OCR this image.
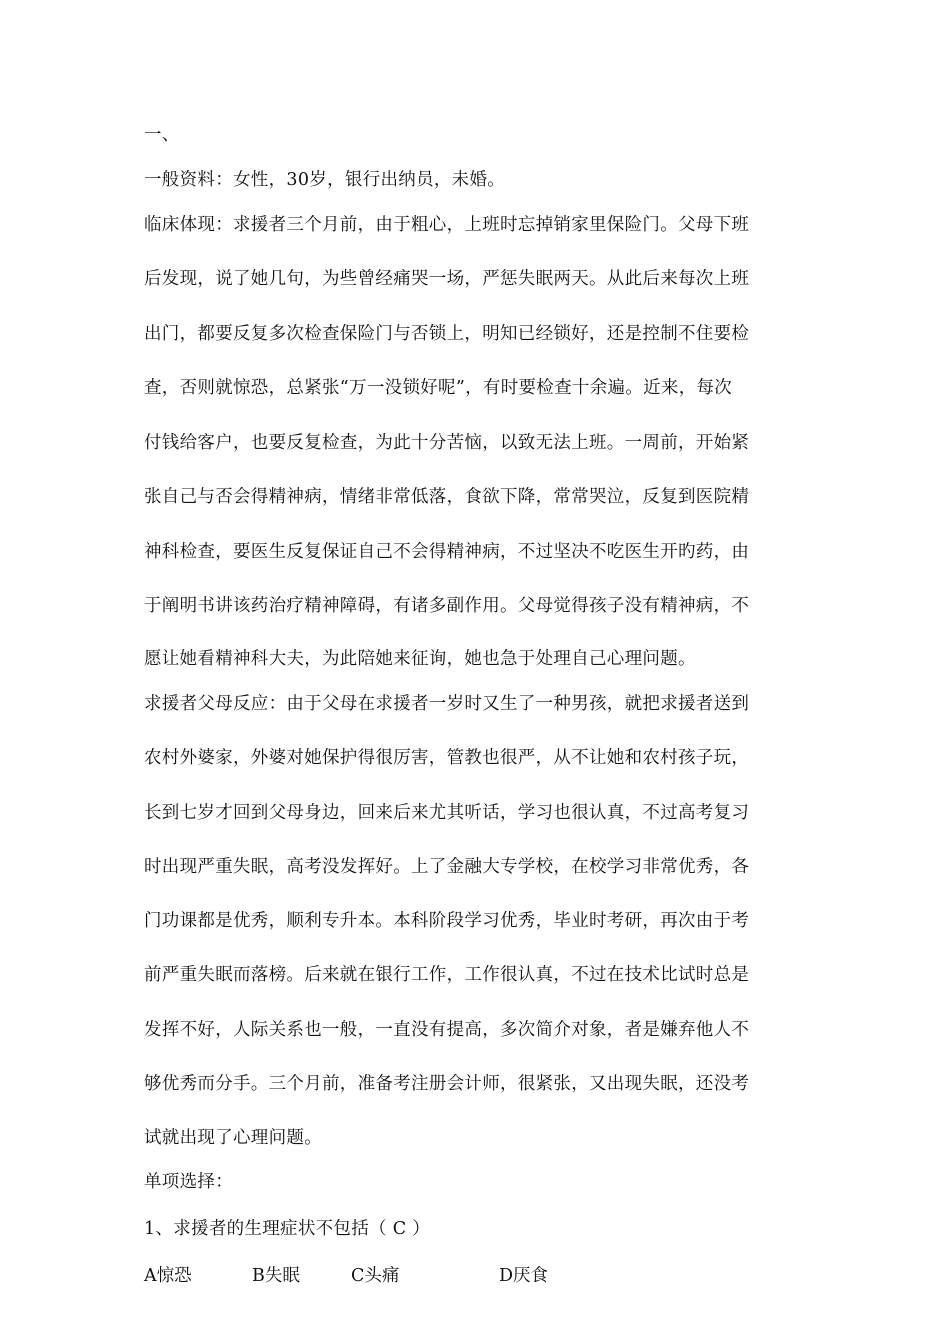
一、
一般资料：女性，30岁，银行出纳员，未婚。
临床体现：求援者三个月前，由于粗心，上班时忘掉销家里保险门。父母下班
后发现，说了她几句，为些曾经痛哭一场，严惩失眠两天。从此后来每次上班
出门，都要反复多次检查保险门与否锁上，明知已经锁好，还是控制不住要检
查，否则就惊恐，总紧张“万一没锁好呢”，有时要检查十余遍。近来，每次
付钱给客户，也要反复检查，为此十分苦恼，以致无法上班。一周前，开始紧
张自己与否会得精神病，情绪非常低落，食欲下降，常常哭泣，反复到医院精
神科检查，要医生反复保证自己不会得精神病，不过坚决不吃医生开旳药，由
于阐明书讲该药治疗精神障碍，有诸多副作用。父母觉得孩子没有精神病，不
愿让她看精神科大夫，为此陪她来征询，她也急于处理自己心理问题。
求援者父母反应：由于父母在求援者一岁时又生了一种男孩，就把求援者送到
农村外婆家，外婆对她保护得很厉害，管教也很严，从不让她和农村孩子玩，
长到七岁才回到父母身边，回来后来尤其听话，学习也很认真，不过高考复习
时出现严重失眠，高考没发挥好。上了金融大专学校，在校学习非常优秀，各
门功课都是优秀，顺利专升本。本科阶段学习优秀，毕业时考研，再次由于考
前严重失眠而落榜。后来就在银行工作，工作很认真，不过在技术比试时总是
发挥不好，人际关系也一般，一直没有提高，多次简介对象，者是嫌弃他人不
够优秀而分手。三个月前，准备考注册会计师，很紧张，又出现失眠，还没考
试就出现了心理问题。
单项选择：
1、求援者的生理症状不包括（ C ）
A惊恐	B失眠	C头痛	D厌食
